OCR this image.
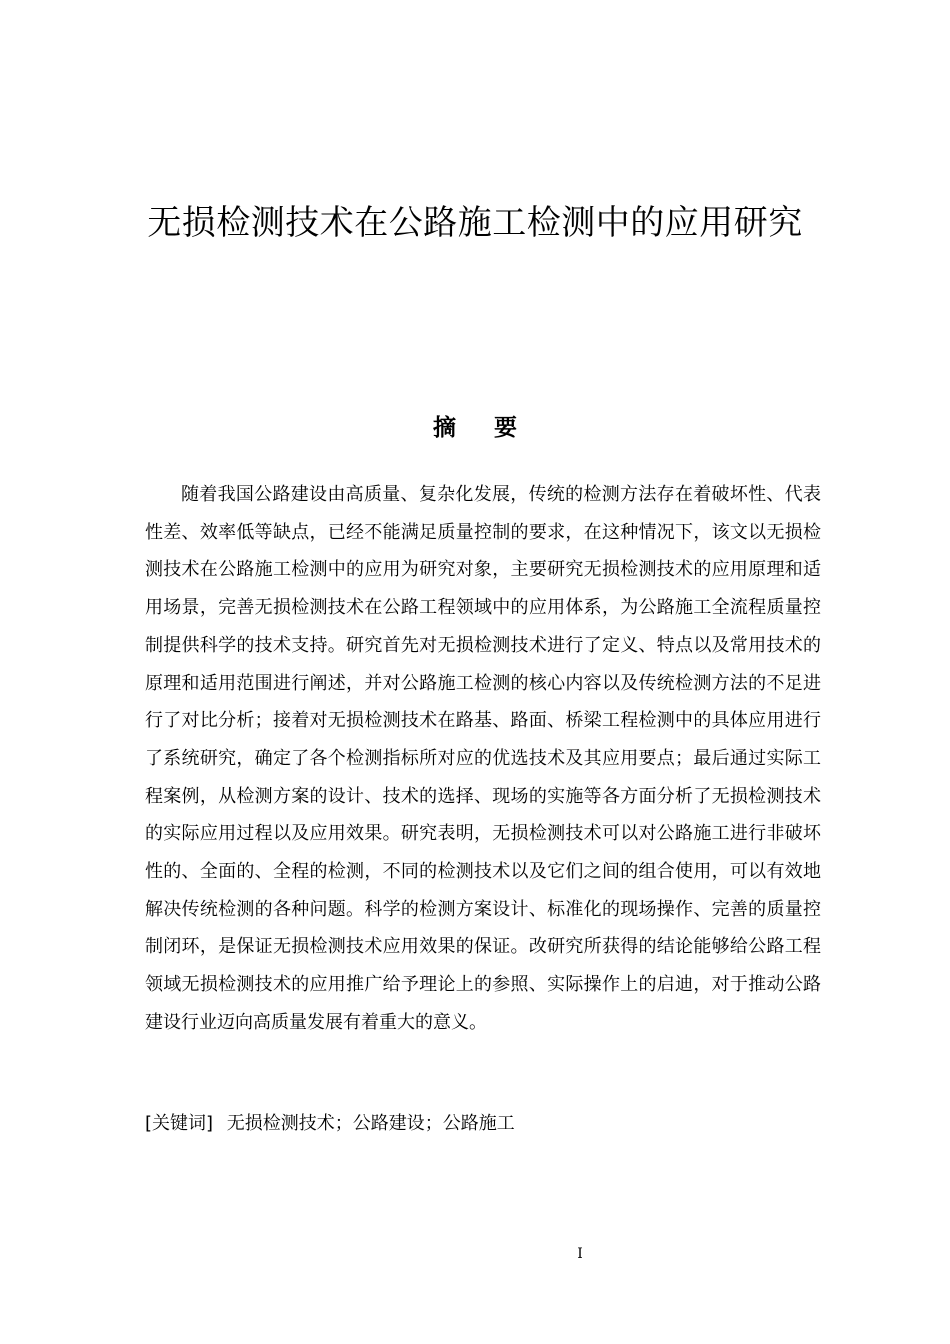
无损检测技术在公路施工检测中的应用研究
摘要

随着我国公路建设由高质量、复杂化发展，传统的检测方法存在着破坏性、代表性差、效率低等缺点，已经不能满足质量控制的要求，在这种情况下，该文以无损检测技术在公路施工检测中的应用为研究对象，主要研究无损检测技术的应用原理和适用场景，完善无损检测技术在公路工程领域中的应用体系，为公路施工全流程质量控制提供科学的技术支持。研究首先对无损检测技术进行了定义、特点以及常用技术的原理和适用范围进行阐述，并对公路施工检测的核心内容以及传统检测方法的不足进行了对比分析；接着对无损检测技术在路基、路面、桥梁工程检测中的具体应用进行了系统研究，确定了各个检测指标所对应的优选技术及其应用要点；最后通过实际工程案例，从检测方案的设计、技术的选择、现场的实施等各方面分析了无损检测技术的实际应用过程以及应用效果。研究表明，无损检测技术可以对公路施工进行非破坏性的、全面的、全程的检测，不同的检测技术以及它们之间的组合使用，可以有效地解决传统检测的各种问题。科学的检测方案设计、标准化的现场操作、完善的质量控制闭环，是保证无损检测技术应用效果的保证。改研究所获得的结论能够给公路工程领域无损检测技术的应用推广给予理论上的参照、实际操作上的启迪，对于推动公路建设行业迈向高质量发展有着重大的意义。

[关键词] 无损检测技术；公路建设；公路施工

I
